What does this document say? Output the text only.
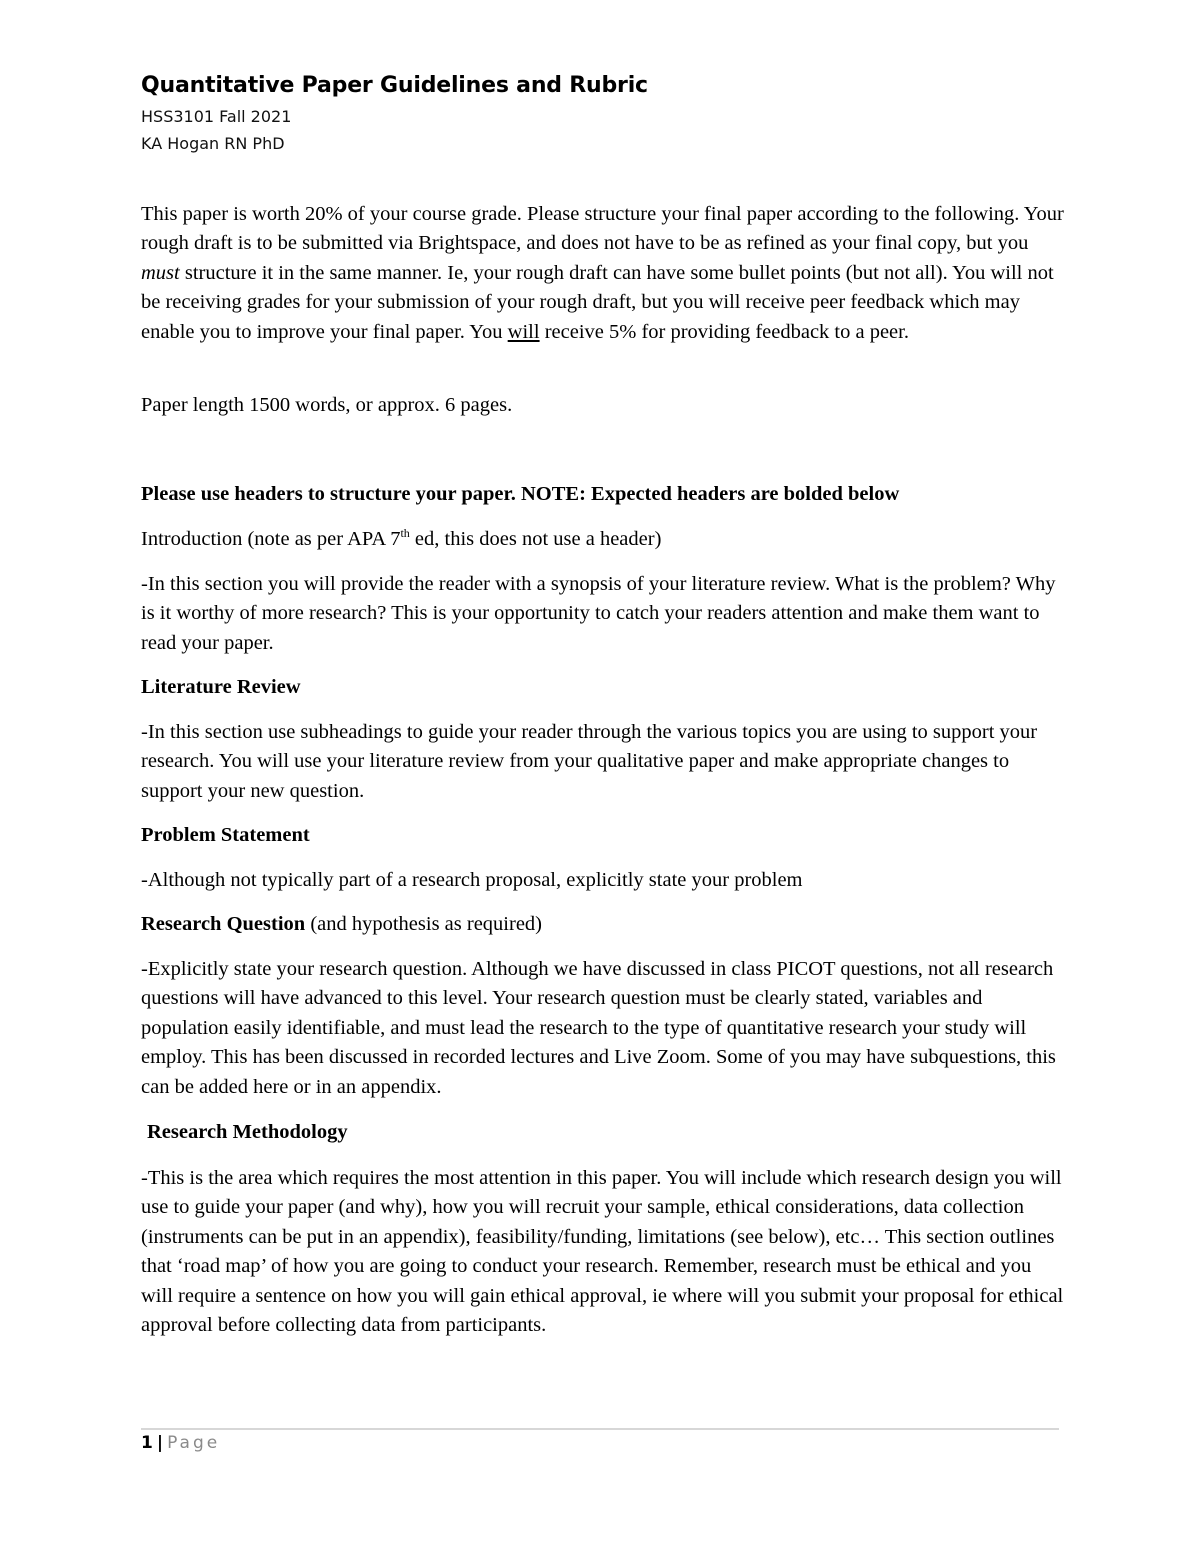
Quantitative Paper Guidelines and Rubric

HSS3101 Fall 2021

KA Hogan RN PhD

This paper is worth 20% of your course grade. Please structure your final paper according to the following. Your rough draft is to be submitted via Brightspace, and does not have to be as refined as your final copy, but you must structure it in the same manner. Ie, your rough draft can have some bullet points (but not all). You will not be receiving grades for your submission of your rough draft, but you will receive peer feedback which may enable you to improve your final paper. You will receive 5% for providing feedback to a peer.

Paper length 1500 words, or approx. 6 pages.

Please use headers to structure your paper. NOTE: Expected headers are bolded below

Introduction (note as per APA 7th ed, this does not use a header)

-In this section you will provide the reader with a synopsis of your literature review. What is the problem? Why is it worthy of more research? This is your opportunity to catch your readers attention and make them want to read your paper.

Literature Review

-In this section use subheadings to guide your reader through the various topics you are using to support your research. You will use your literature review from your qualitative paper and make appropriate changes to support your new question.

Problem Statement

-Although not typically part of a research proposal, explicitly state your problem

Research Question (and hypothesis as required)

-Explicitly state your research question. Although we have discussed in class PICOT questions, not all research questions will have advanced to this level. Your research question must be clearly stated, variables and population easily identifiable, and must lead the research to the type of quantitative research your study will employ. This has been discussed in recorded lectures and Live Zoom. Some of you may have subquestions, this can be added here or in an appendix.

Research Methodology

-This is the area which requires the most attention in this paper. You will include which research design you will use to guide your paper (and why), how you will recruit your sample, ethical considerations, data collection (instruments can be put in an appendix), feasibility/funding, limitations (see below), etc… This section outlines that ‘road map’ of how you are going to conduct your research. Remember, research must be ethical and you will require a sentence on how you will gain ethical approval, ie where will you submit your proposal for ethical approval before collecting data from participants.

1 | Page
